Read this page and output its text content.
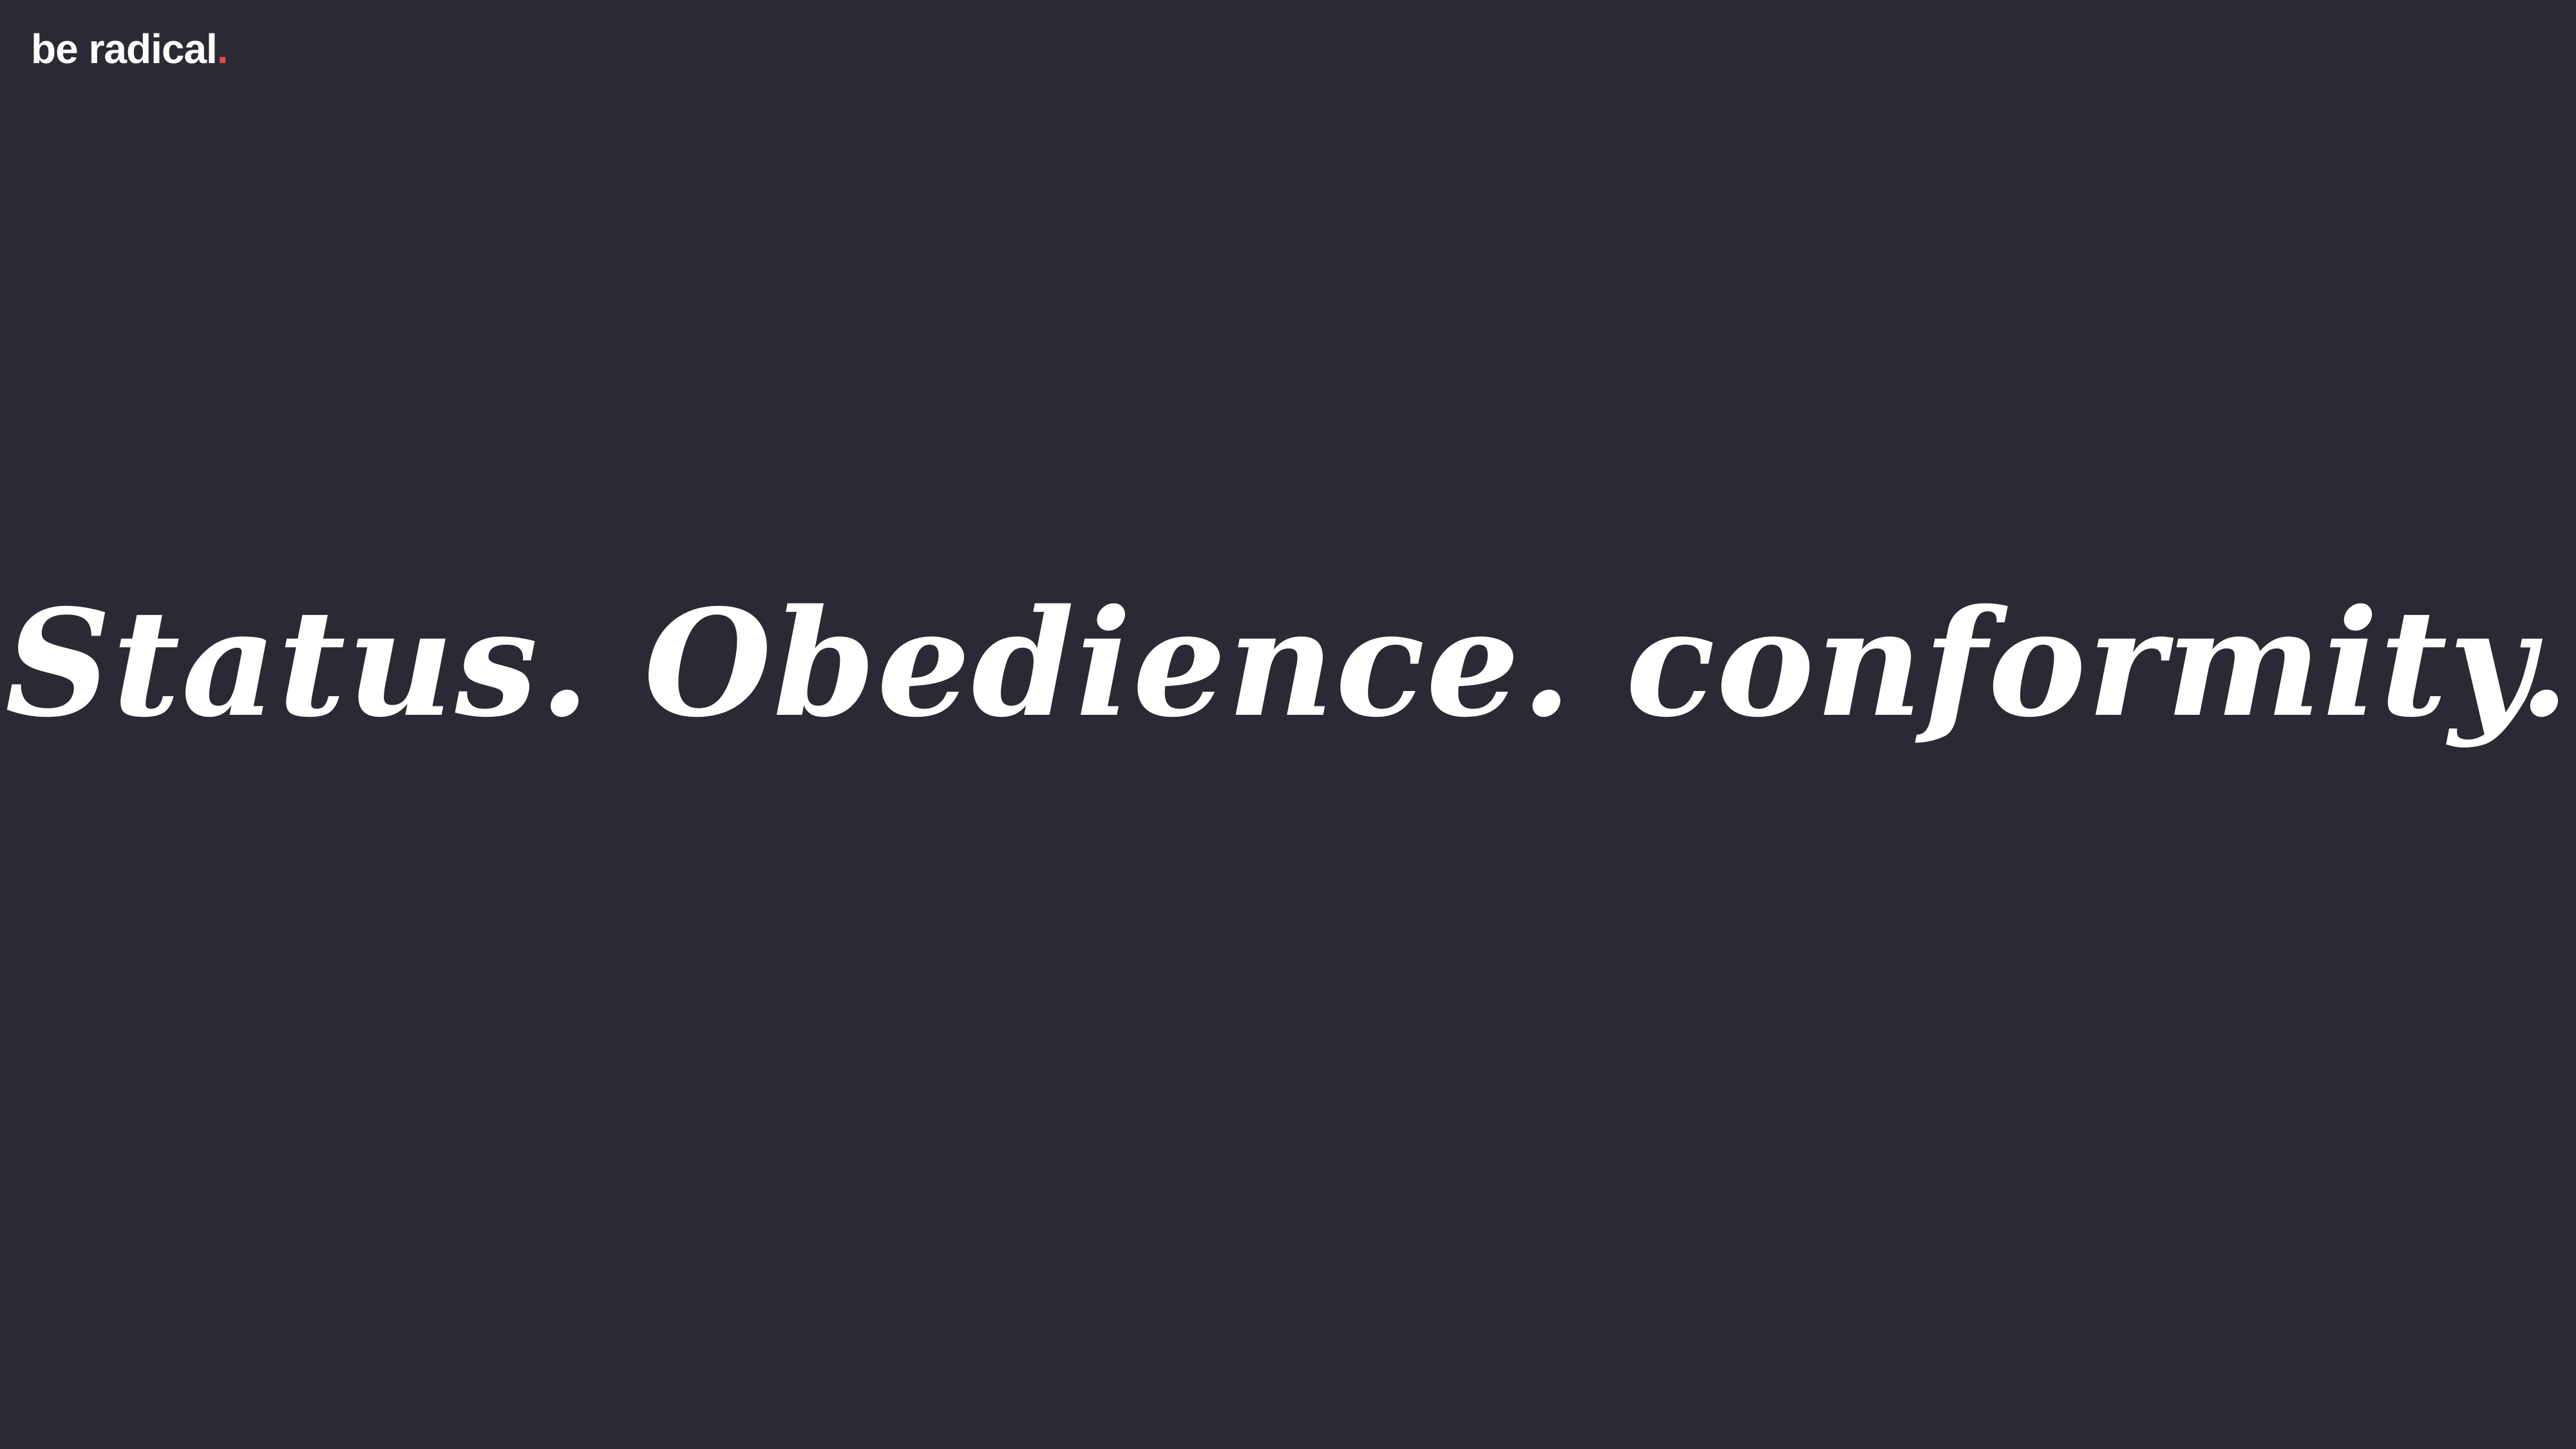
be radical.
Status. Obedience. conformity.
